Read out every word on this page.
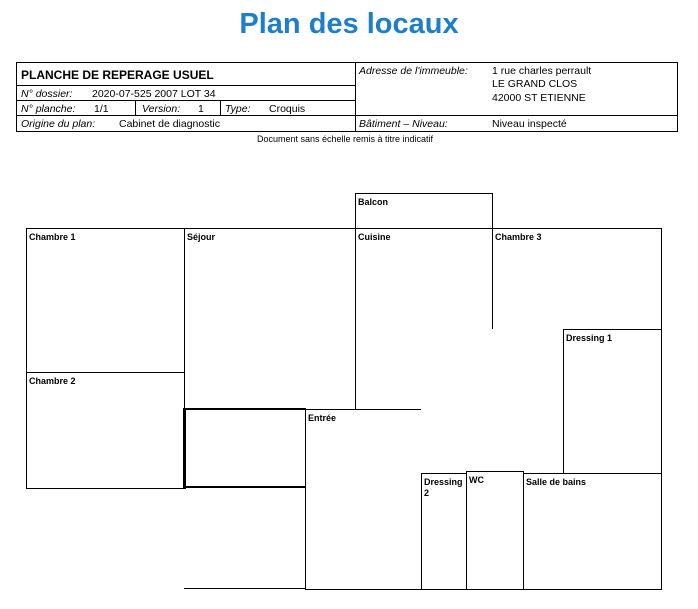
Plan des locaux
PLANCHE DE REPERAGE USUEL
N° dossier: 2020-07-525 2007 LOT 34
N° planche: 1/1	Version: 1 Type: Croquis
Origine du plan: Cabinet de diagnostic
Adresse de l'immeuble: 1 rue charles perrault
LE GRAND CLOS
42000 ST ETIENNE
Bâtiment – Niveau:	Niveau inspecté
Document sans échelle remis à titre indicatif
Balcon
Chambre 1
Chambre 2
Séjour
Entrée
Cuisine	Chambre 3
Dressing 1
Dressing
2
WC	Salle de bains
